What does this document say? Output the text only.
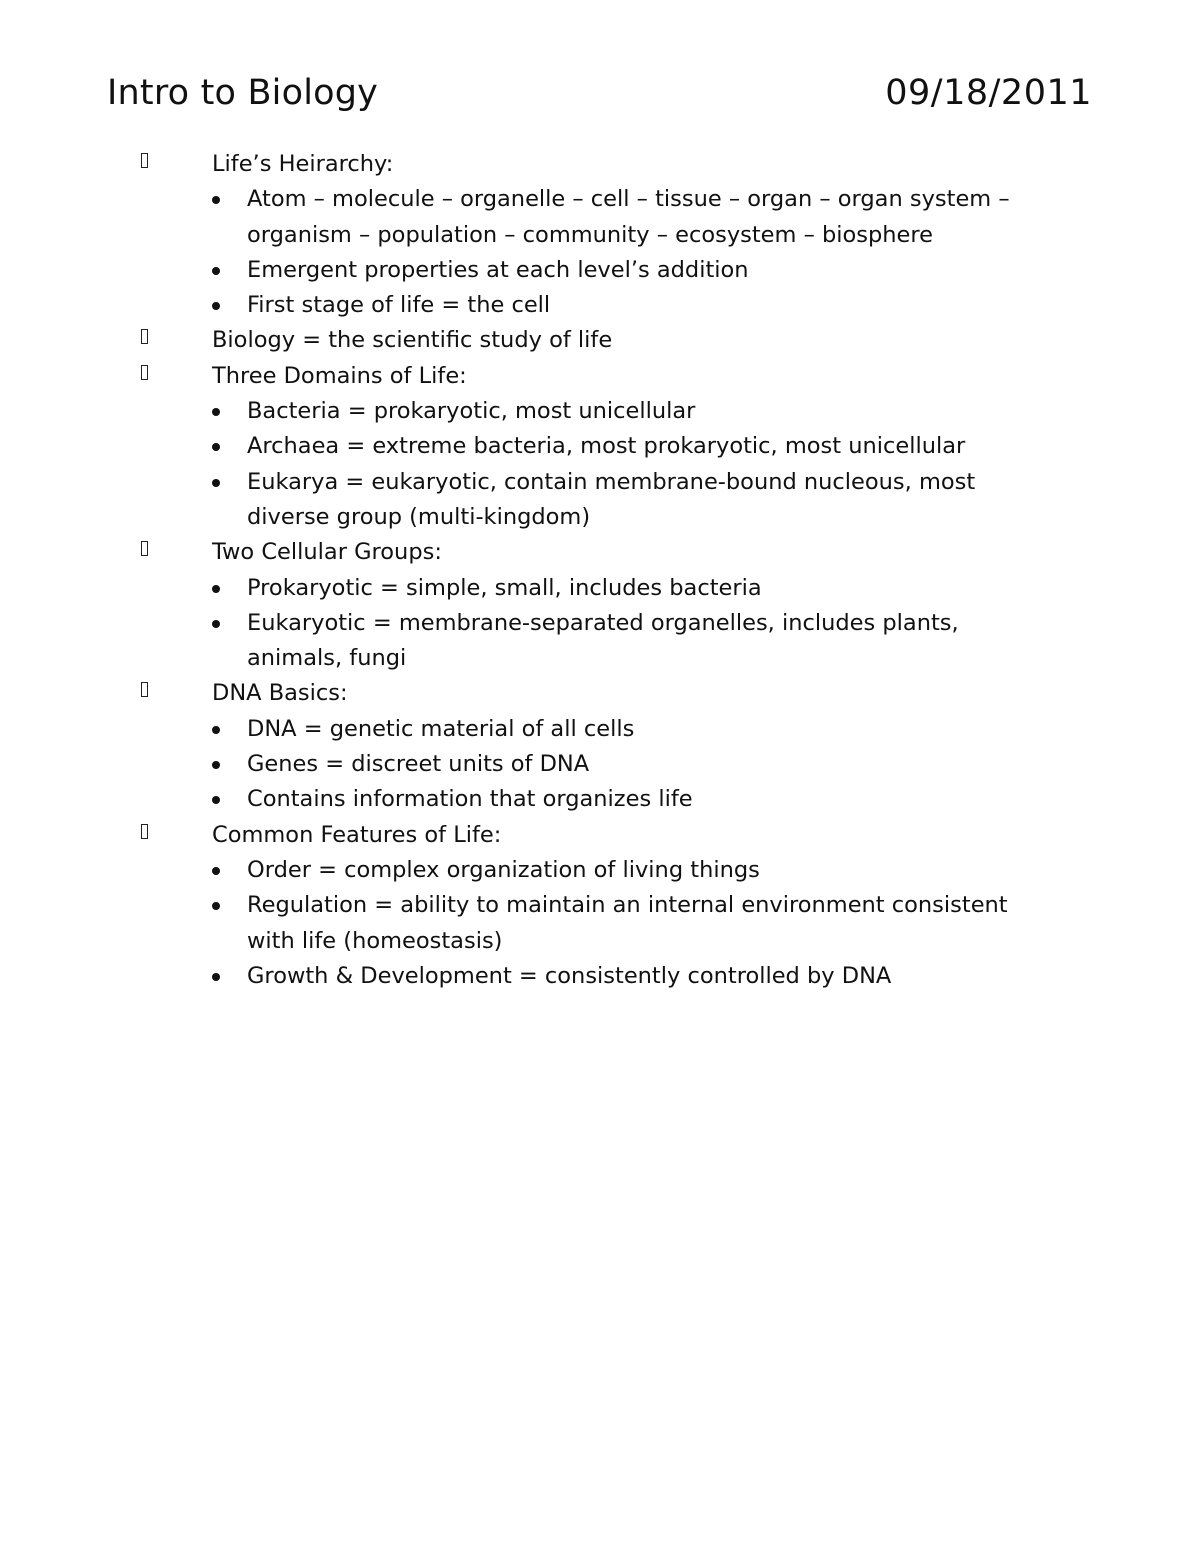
Intro to Biology	09/18/2011
Life’s Heirarchy:
Atom – molecule – organelle – cell – tissue – organ – organ system – organism – population – community – ecosystem – biosphere
Emergent properties at each level’s addition
First stage of life = the cell
Biology = the scientific study of life
Three Domains of Life:
Bacteria = prokaryotic, most unicellular
Archaea = extreme bacteria, most prokaryotic, most unicellular
Eukarya = eukaryotic, contain membrane-bound nucleous, most diverse group (multi-kingdom)
Two Cellular Groups:
Prokaryotic = simple, small, includes bacteria
Eukaryotic = membrane-separated organelles, includes plants, animals, fungi
DNA Basics:
DNA = genetic material of all cells
Genes = discreet units of DNA
Contains information that organizes life
Common Features of Life:
Order = complex organization of living things
Regulation = ability to maintain an internal environment consistent with life (homeostasis)
Growth & Development = consistently controlled by DNA
